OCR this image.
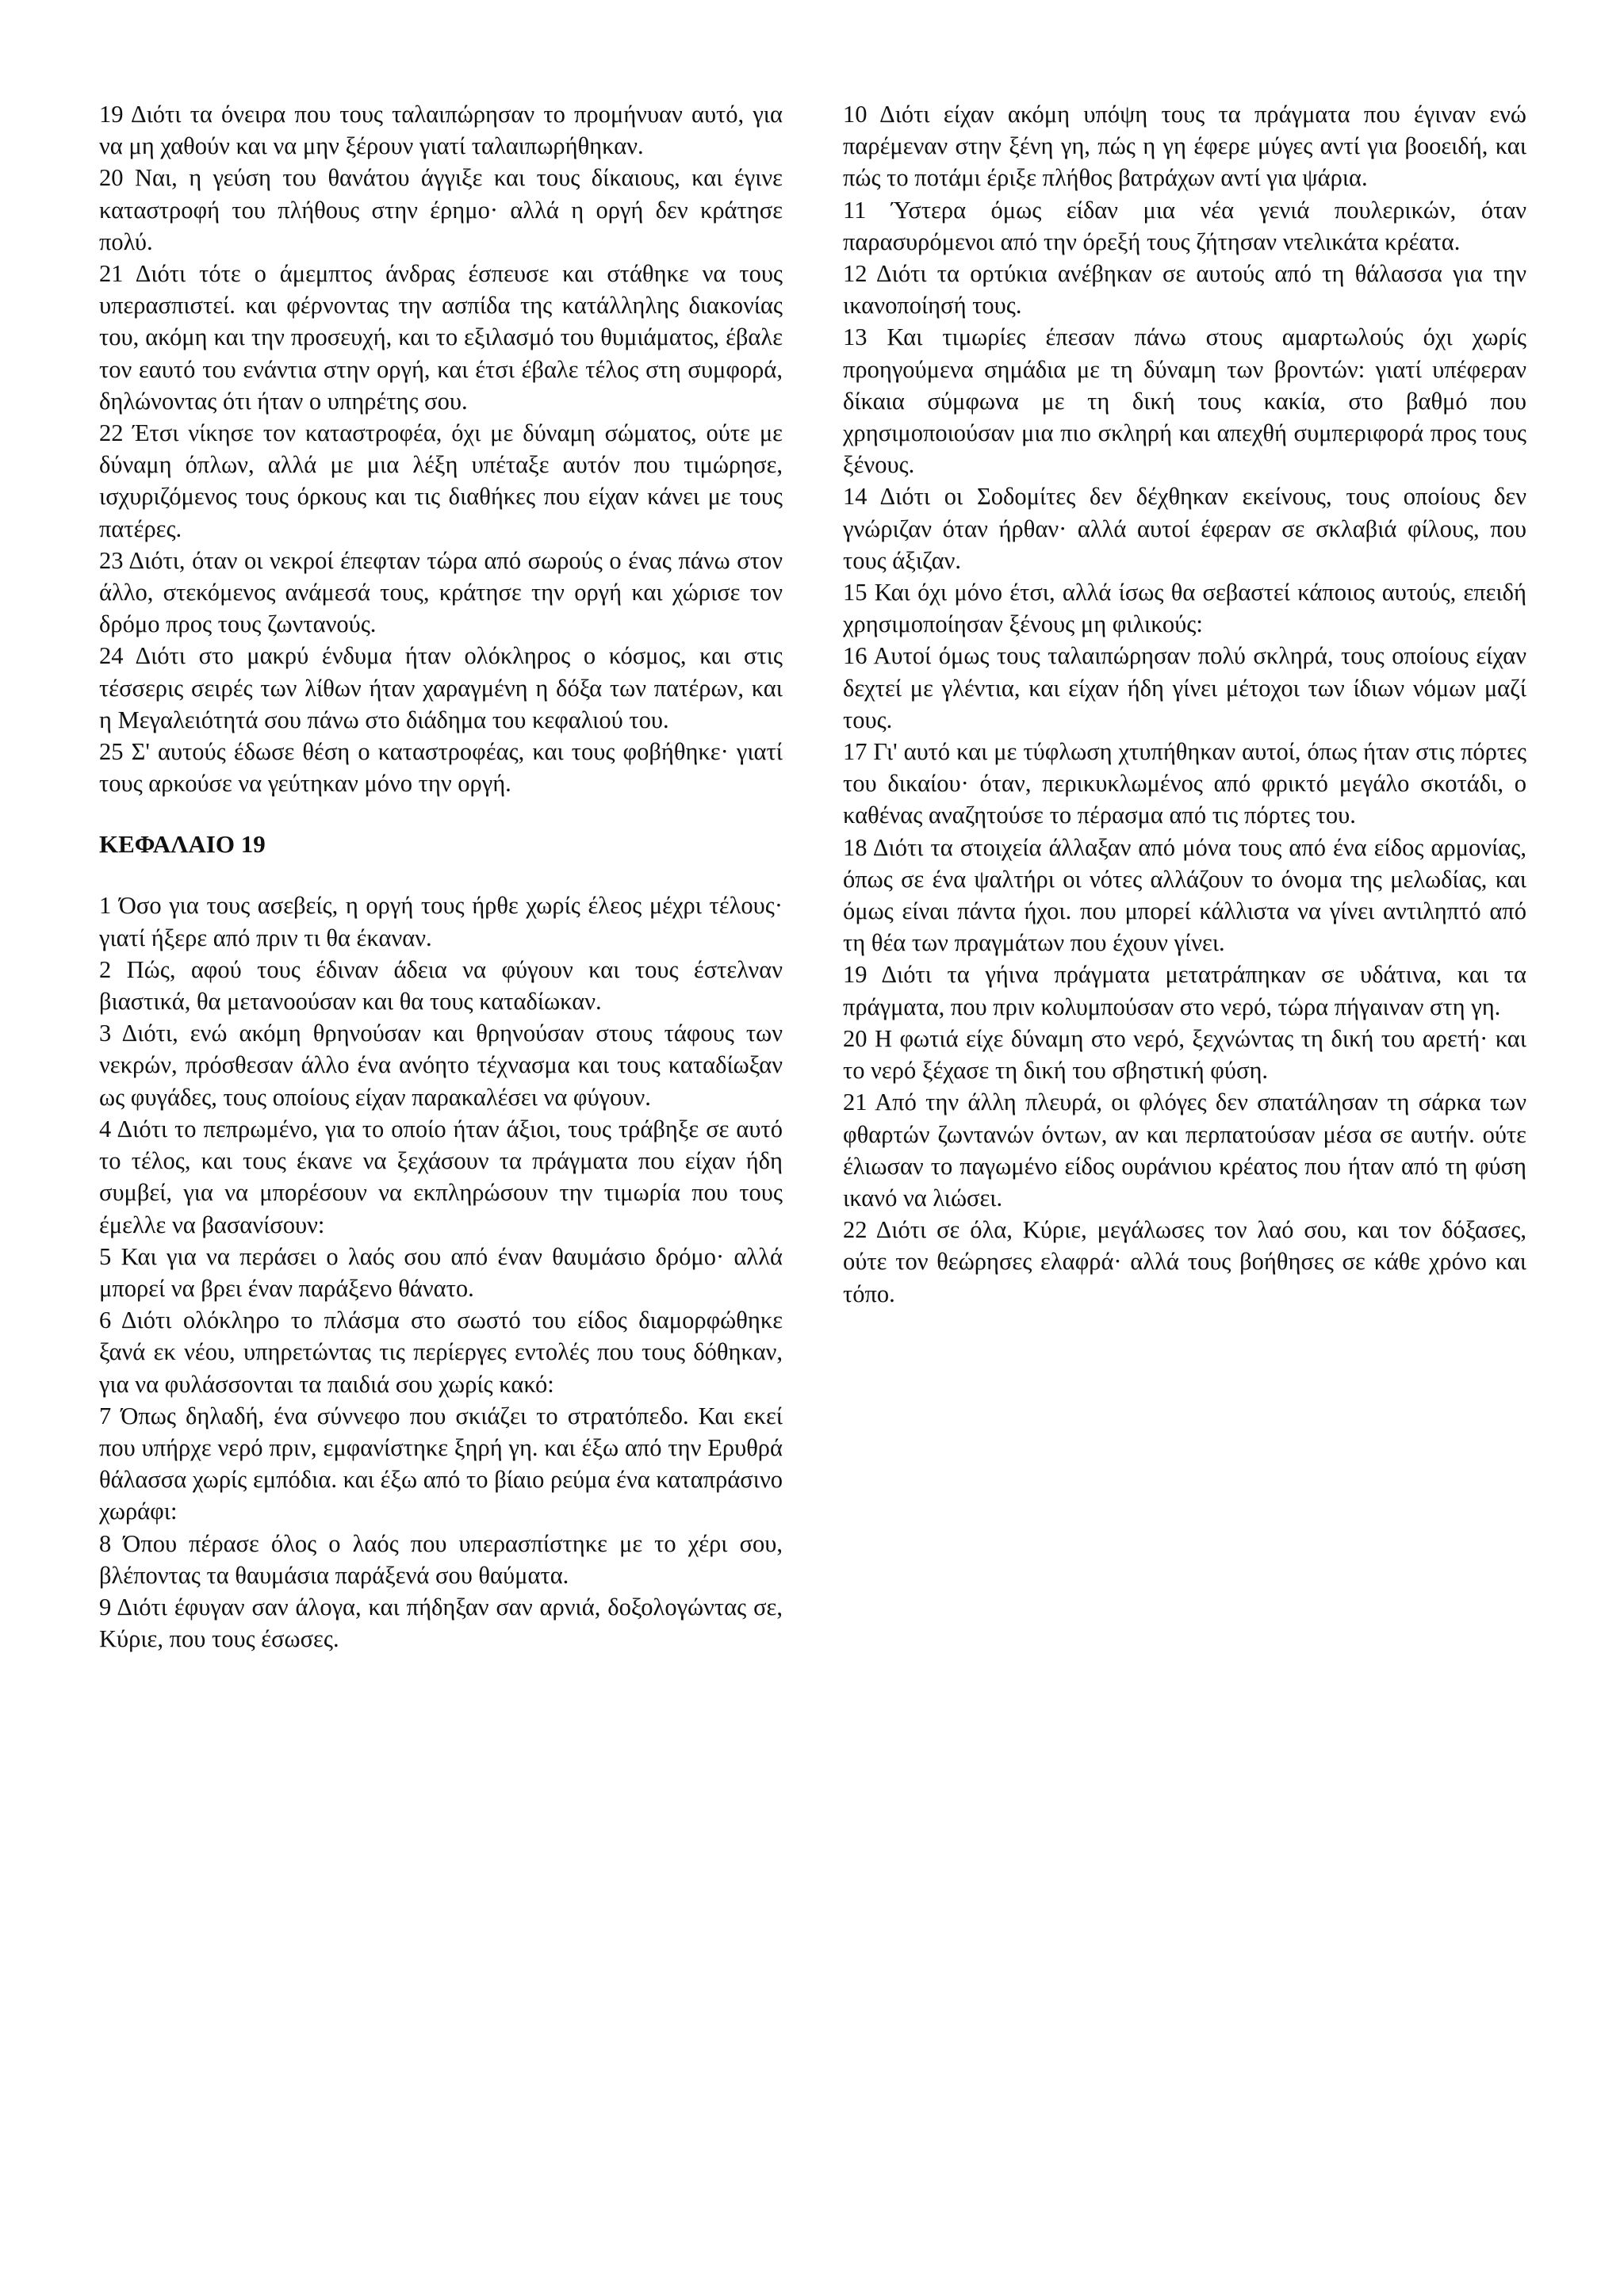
19 Διότι τα όνειρα που τους ταλαιπώρησαν το προμήνυαν αυτό, για να μη χαθούν και να μην ξέρουν γιατί ταλαιπωρήθηκαν.

20 Ναι, η γεύση του θανάτου άγγιξε και τους δίκαιους, και έγινε καταστροφή του πλήθους στην έρημο· αλλά η οργή δεν κράτησε πολύ.

21 Διότι τότε ο άμεμπτος άνδρας έσπευσε και στάθηκε να τους υπερασπιστεί. και φέρνοντας την ασπίδα της κατάλληλης διακονίας του, ακόμη και την προσευχή, και το εξιλασμό του θυμιάματος, έβαλε τον εαυτό του ενάντια στην οργή, και έτσι έβαλε τέλος στη συμφορά, δηλώνοντας ότι ήταν ο υπηρέτης σου.

22 Έτσι νίκησε τον καταστροφέα, όχι με δύναμη σώματος, ούτε με δύναμη όπλων, αλλά με μια λέξη υπέταξε αυτόν που τιμώρησε, ισχυριζόμενος τους όρκους και τις διαθήκες που είχαν κάνει με τους πατέρες.

23 Διότι, όταν οι νεκροί έπεφταν τώρα από σωρούς ο ένας πάνω στον άλλο, στεκόμενος ανάμεσά τους, κράτησε την οργή και χώρισε τον δρόμο προς τους ζωντανούς.

24 Διότι στο μακρύ ένδυμα ήταν ολόκληρος ο κόσμος, και στις τέσσερις σειρές των λίθων ήταν χαραγμένη η δόξα των πατέρων, και η Μεγαλειότητά σου πάνω στο διάδημα του κεφαλιού του.

25 Σ' αυτούς έδωσε θέση ο καταστροφέας, και τους φοβήθηκε· γιατί τους αρκούσε να γεύτηκαν μόνο την οργή.

ΚΕΦΑΛΑΙΟ 19

1 Όσο για τους ασεβείς, η οργή τους ήρθε χωρίς έλεος μέχρι τέλους· γιατί ήξερε από πριν τι θα έκαναν.

2 Πώς, αφού τους έδιναν άδεια να φύγουν και τους έστελναν βιαστικά, θα μετανοούσαν και θα τους καταδίωκαν.

3 Διότι, ενώ ακόμη θρηνούσαν και θρηνούσαν στους τάφους των νεκρών, πρόσθεσαν άλλο ένα ανόητο τέχνασμα και τους καταδίωξαν ως φυγάδες, τους οποίους είχαν παρακαλέσει να φύγουν.

4 Διότι το πεπρωμένο, για το οποίο ήταν άξιοι, τους τράβηξε σε αυτό το τέλος, και τους έκανε να ξεχάσουν τα πράγματα που είχαν ήδη συμβεί, για να μπορέσουν να εκπληρώσουν την τιμωρία που τους έμελλε να βασανίσουν:

5 Και για να περάσει ο λαός σου από έναν θαυμάσιο δρόμο· αλλά μπορεί να βρει έναν παράξενο θάνατο.

6 Διότι ολόκληρο το πλάσμα στο σωστό του είδος διαμορφώθηκε ξανά εκ νέου, υπηρετώντας τις περίεργες εντολές που τους δόθηκαν, για να φυλάσσονται τα παιδιά σου χωρίς κακό:

7 Όπως δηλαδή, ένα σύννεφο που σκιάζει το στρατόπεδο. Και εκεί που υπήρχε νερό πριν, εμφανίστηκε ξηρή γη. και έξω από την Ερυθρά θάλασσα χωρίς εμπόδια. και έξω από το βίαιο ρεύμα ένα καταπράσινο χωράφι:

8 Όπου πέρασε όλος ο λαός που υπερασπίστηκε με το χέρι σου, βλέποντας τα θαυμάσια παράξενά σου θαύματα.

9 Διότι έφυγαν σαν άλογα, και πήδηξαν σαν αρνιά, δοξολογώντας σε, Κύριε, που τους έσωσες.

10 Διότι είχαν ακόμη υπόψη τους τα πράγματα που έγιναν ενώ παρέμεναν στην ξένη γη, πώς η γη έφερε μύγες αντί για βοοειδή, και πώς το ποτάμι έριξε πλήθος βατράχων αντί για ψάρια.

11 Ύστερα όμως είδαν μια νέα γενιά πουλερικών, όταν παρασυρόμενοι από την όρεξή τους ζήτησαν ντελικάτα κρέατα.

12 Διότι τα ορτύκια ανέβηκαν σε αυτούς από τη θάλασσα για την ικανοποίησή τους.

13 Και τιμωρίες έπεσαν πάνω στους αμαρτωλούς όχι χωρίς προηγούμενα σημάδια με τη δύναμη των βροντών: γιατί υπέφεραν δίκαια σύμφωνα με τη δική τους κακία, στο βαθμό που χρησιμοποιούσαν μια πιο σκληρή και απεχθή συμπεριφορά προς τους ξένους.

14 Διότι οι Σοδομίτες δεν δέχθηκαν εκείνους, τους οποίους δεν γνώριζαν όταν ήρθαν· αλλά αυτοί έφεραν σε σκλαβιά φίλους, που τους άξιζαν.

15 Και όχι μόνο έτσι, αλλά ίσως θα σεβαστεί κάποιος αυτούς, επειδή χρησιμοποίησαν ξένους μη φιλικούς:

16 Αυτοί όμως τους ταλαιπώρησαν πολύ σκληρά, τους οποίους είχαν δεχτεί με γλέντια, και είχαν ήδη γίνει μέτοχοι των ίδιων νόμων μαζί τους.

17 Γι' αυτό και με τύφλωση χτυπήθηκαν αυτοί, όπως ήταν στις πόρτες του δικαίου· όταν, περικυκλωμένος από φρικτό μεγάλο σκοτάδι, ο καθένας αναζητούσε το πέρασμα από τις πόρτες του.

18 Διότι τα στοιχεία άλλαξαν από μόνα τους από ένα είδος αρμονίας, όπως σε ένα ψαλτήρι οι νότες αλλάζουν το όνομα της μελωδίας, και όμως είναι πάντα ήχοι. που μπορεί κάλλιστα να γίνει αντιληπτό από τη θέα των πραγμάτων που έχουν γίνει.

19 Διότι τα γήινα πράγματα μετατράπηκαν σε υδάτινα, και τα πράγματα, που πριν κολυμπούσαν στο νερό, τώρα πήγαιναν στη γη.

20 Η φωτιά είχε δύναμη στο νερό, ξεχνώντας τη δική του αρετή· και το νερό ξέχασε τη δική του σβηστική φύση.

21 Από την άλλη πλευρά, οι φλόγες δεν σπατάλησαν τη σάρκα των φθαρτών ζωντανών όντων, αν και περπατούσαν μέσα σε αυτήν. ούτε έλιωσαν το παγωμένο είδος ουράνιου κρέατος που ήταν από τη φύση ικανό να λιώσει.

22 Διότι σε όλα, Κύριε, μεγάλωσες τον λαό σου, και τον δόξασες, ούτε τον θεώρησες ελαφρά· αλλά τους βοήθησες σε κάθε χρόνο και τόπο.
